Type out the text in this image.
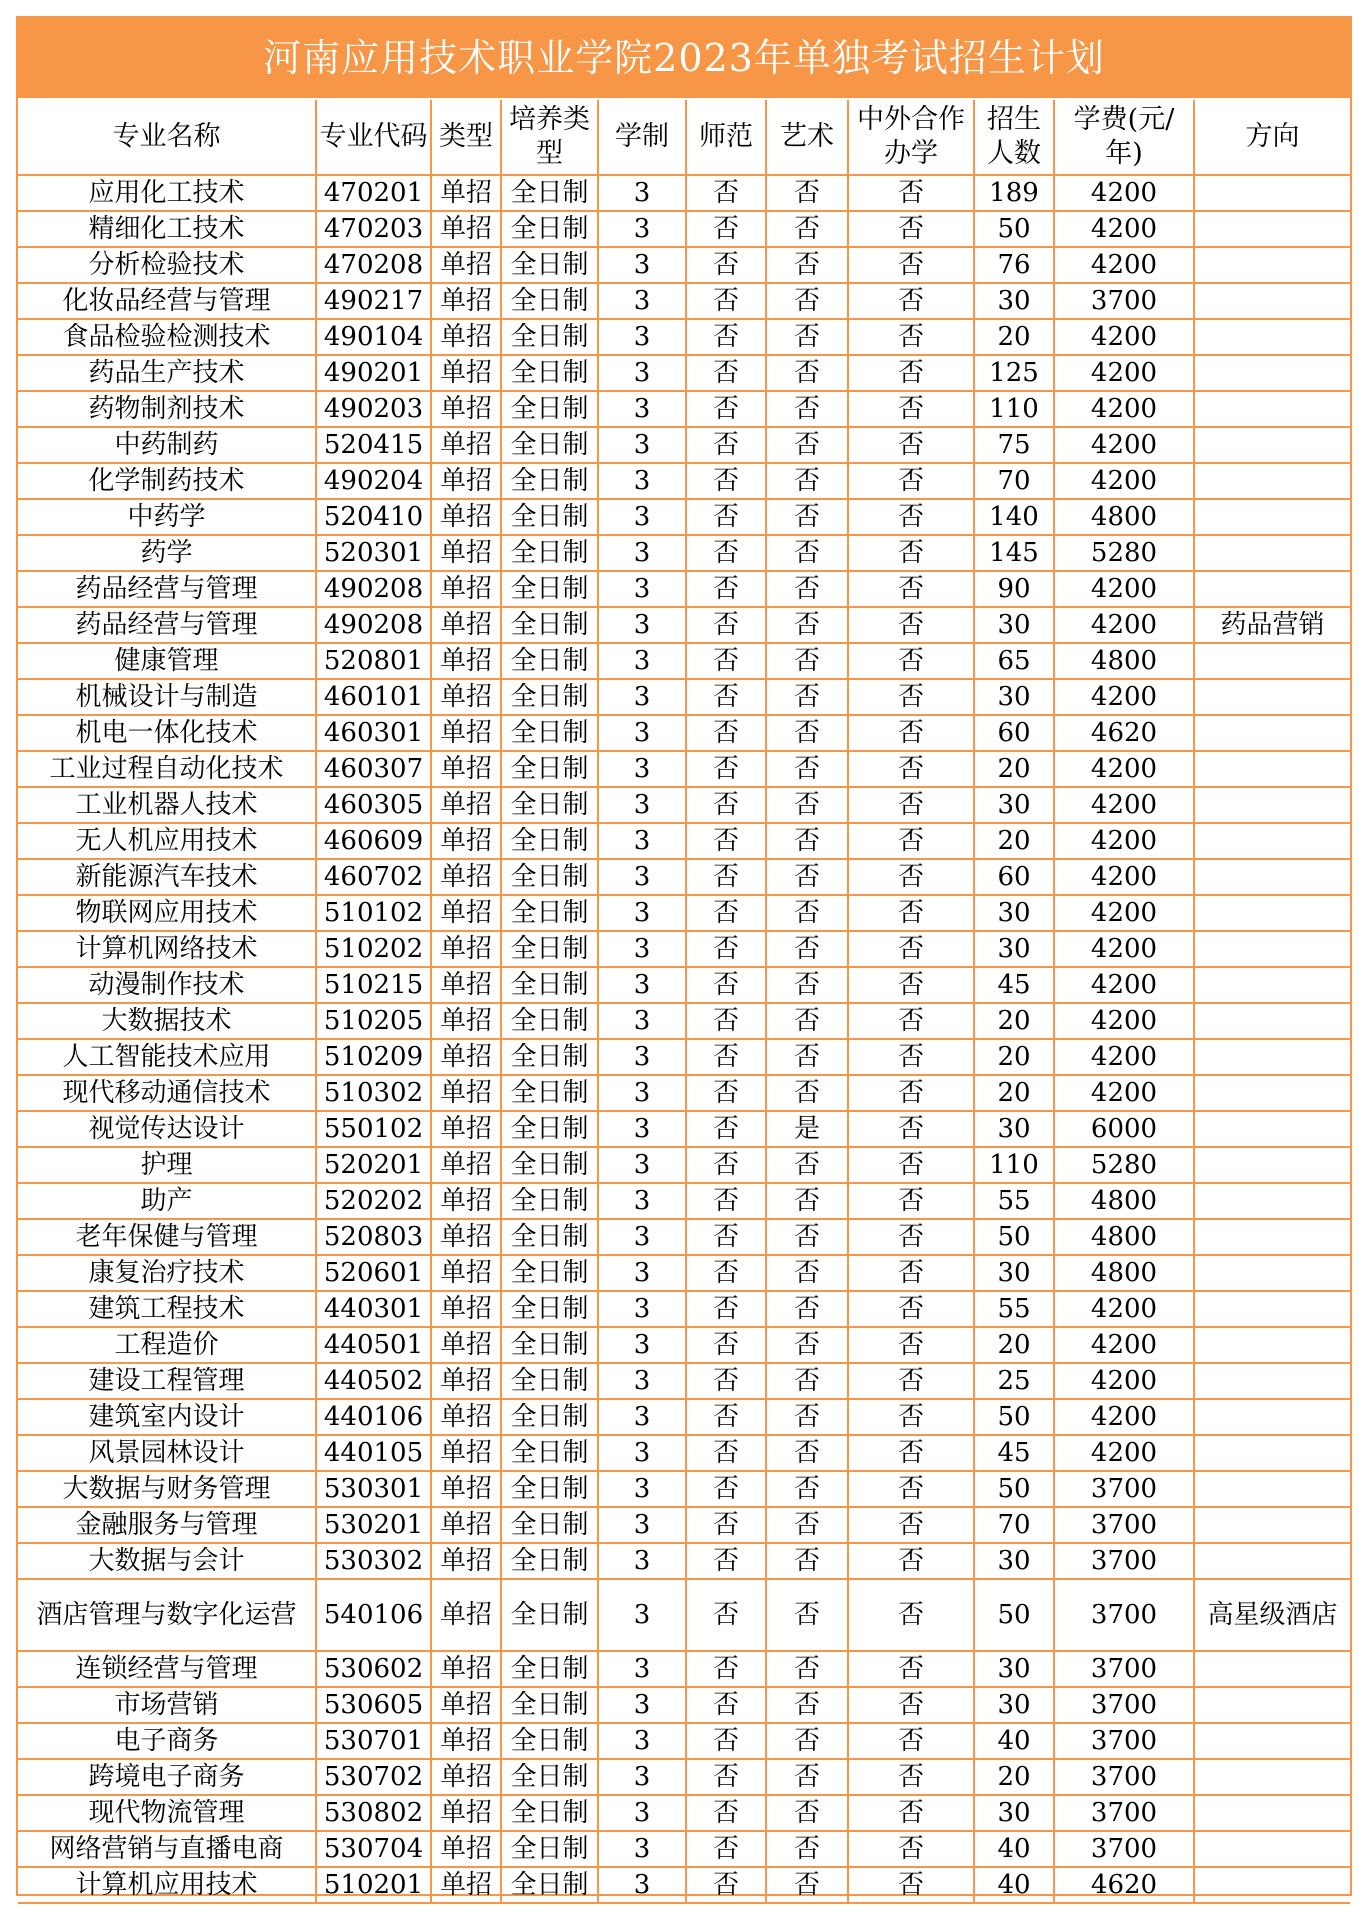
河南应用技术职业学院2023年单独考试招生计划
专业名称	专业代码	类型	培养类型	学制	师范	艺术	中外合作办学	招生人数	学费(元/年)	方向
应用化工技术	470201	单招	全日制	3	否	否	否	189	4200	
精细化工技术	470203	单招	全日制	3	否	否	否	50	4200	
分析检验技术	470208	单招	全日制	3	否	否	否	76	4200	
化妆品经营与管理	490217	单招	全日制	3	否	否	否	30	3700	
食品检验检测技术	490104	单招	全日制	3	否	否	否	20	4200	
药品生产技术	490201	单招	全日制	3	否	否	否	125	4200	
药物制剂技术	490203	单招	全日制	3	否	否	否	110	4200	
中药制药	520415	单招	全日制	3	否	否	否	75	4200	
化学制药技术	490204	单招	全日制	3	否	否	否	70	4200	
中药学	520410	单招	全日制	3	否	否	否	140	4800	
药学	520301	单招	全日制	3	否	否	否	145	5280	
药品经营与管理	490208	单招	全日制	3	否	否	否	90	4200	
药品经营与管理	490208	单招	全日制	3	否	否	否	30	4200	药品营销
健康管理	520801	单招	全日制	3	否	否	否	65	4800	
机械设计与制造	460101	单招	全日制	3	否	否	否	30	4200	
机电一体化技术	460301	单招	全日制	3	否	否	否	60	4620	
工业过程自动化技术	460307	单招	全日制	3	否	否	否	20	4200	
工业机器人技术	460305	单招	全日制	3	否	否	否	30	4200	
无人机应用技术	460609	单招	全日制	3	否	否	否	20	4200	
新能源汽车技术	460702	单招	全日制	3	否	否	否	60	4200	
物联网应用技术	510102	单招	全日制	3	否	否	否	30	4200	
计算机网络技术	510202	单招	全日制	3	否	否	否	30	4200	
动漫制作技术	510215	单招	全日制	3	否	否	否	45	4200	
大数据技术	510205	单招	全日制	3	否	否	否	20	4200	
人工智能技术应用	510209	单招	全日制	3	否	否	否	20	4200	
现代移动通信技术	510302	单招	全日制	3	否	否	否	20	4200	
视觉传达设计	550102	单招	全日制	3	否	是	否	30	6000	
护理	520201	单招	全日制	3	否	否	否	110	5280	
助产	520202	单招	全日制	3	否	否	否	55	4800	
老年保健与管理	520803	单招	全日制	3	否	否	否	50	4800	
康复治疗技术	520601	单招	全日制	3	否	否	否	30	4800	
建筑工程技术	440301	单招	全日制	3	否	否	否	55	4200	
工程造价	440501	单招	全日制	3	否	否	否	20	4200	
建设工程管理	440502	单招	全日制	3	否	否	否	25	4200	
建筑室内设计	440106	单招	全日制	3	否	否	否	50	4200	
风景园林设计	440105	单招	全日制	3	否	否	否	45	4200	
大数据与财务管理	530301	单招	全日制	3	否	否	否	50	3700	
金融服务与管理	530201	单招	全日制	3	否	否	否	70	3700	
大数据与会计	530302	单招	全日制	3	否	否	否	30	3700	
酒店管理与数字化运营	540106	单招	全日制	3	否	否	否	50	3700	高星级酒店
连锁经营与管理	530602	单招	全日制	3	否	否	否	30	3700	
市场营销	530605	单招	全日制	3	否	否	否	30	3700	
电子商务	530701	单招	全日制	3	否	否	否	40	3700	
跨境电子商务	530702	单招	全日制	3	否	否	否	20	3700	
现代物流管理	530802	单招	全日制	3	否	否	否	30	3700	
网络营销与直播电商	530704	单招	全日制	3	否	否	否	40	3700	
计算机应用技术	510201	单招	全日制	3	否	否	否	40	4620	
